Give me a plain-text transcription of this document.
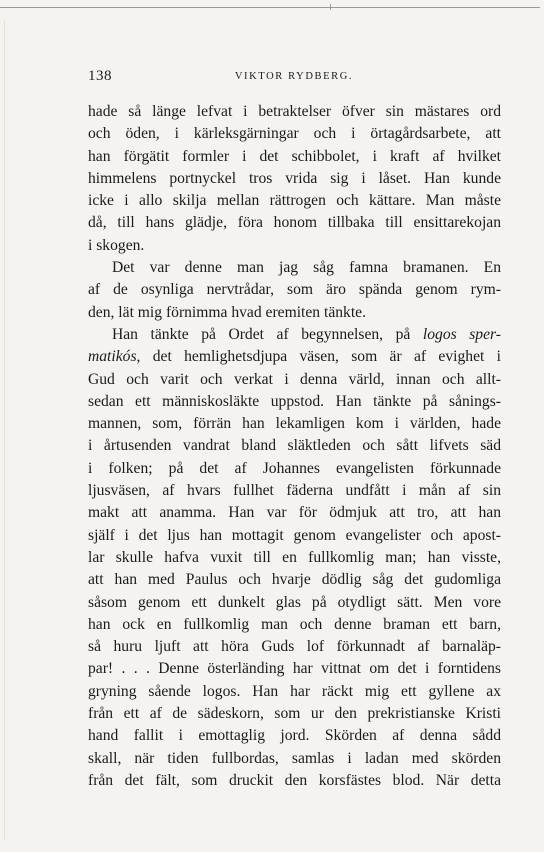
138	VIKTOR RYDBERG.
hade så länge lefvat i betraktelser öfver sin mästares ord
och öden, i kärleksgärningar och i örtagårdsarbete, att
han förgätit formler i det schibbolet, i kraft af hvilket
himmelens portnyckel tros vrida sig i låset. Han kunde
icke i allo skilja mellan rättrogen och kättare. Man måste
då, till hans glädje, föra honom tillbaka till ensittarekojan
i skogen.
Det var denne man jag såg famna bramanen. En
af de osynliga nervtrådar, som äro spända genom rym-
den, lät mig förnimma hvad eremiten tänkte.
Han tänkte på Ordet af begynnelsen, på logos sper-
matikós, det hemlighetsdjupa väsen, som är af evighet i
Gud och varit och verkat i denna värld, innan och allt-
sedan ett människosläkte uppstod. Han tänkte på sånings-
mannen, som, förrän han lekamligen kom i världen, hade
i årtusenden vandrat bland släktleden och sått lifvets säd
i folken; på det af Johannes evangelisten förkunnade
ljusväsen, af hvars fullhet fäderna undfått i mån af sin
makt att anamma. Han var för ödmjuk att tro, att han
själf i det ljus han mottagit genom evangelister och apost-
lar skulle hafva vuxit till en fullkomlig man; han visste,
att han med Paulus och hvarje dödlig såg det gudomliga
såsom genom ett dunkelt glas på otydligt sätt. Men vore
han ock en fullkomlig man och denne braman ett barn,
så huru ljuft att höra Guds lof förkunnadt af barnaläp-
par! . . . Denne österländing har vittnat om det i forntidens
gryning sående logos. Han har räckt mig ett gyllene ax
från ett af de sädeskorn, som ur den prekristianske Kristi
hand fallit i emottaglig jord. Skörden af denna sådd
skall, när tiden fullbordas, samlas i ladan med skörden
från det fält, som druckit den korsfästes blod. När detta
